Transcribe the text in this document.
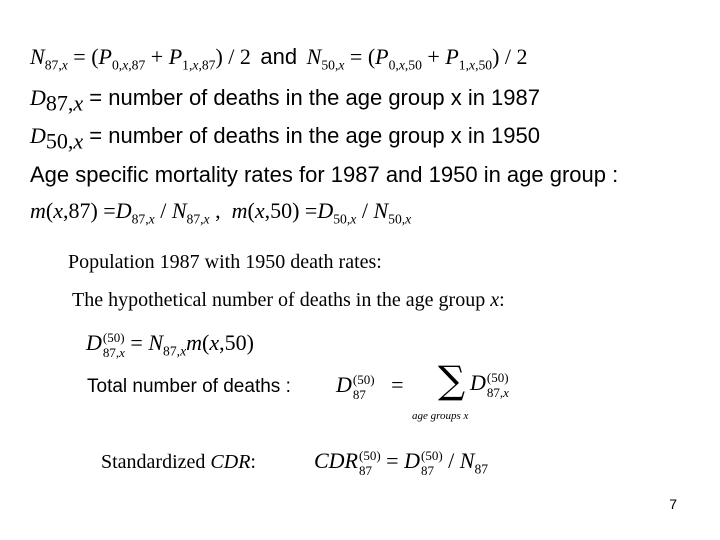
$N_{87,x} = (P_{0,x,87} + P_{1,x,87}) / 2$ and $N_{50,x} = (P_{0,x,50} + P_{1,x,50}) / 2$
$D_{87,x}$ = number of deaths in the age group x in 1987
$D_{50,x}$ = number of deaths in the age group x in 1950
Age specific mortality rates for 1987 and 1950 in age group :
$m(x,87) =D_{87,x} / N_{87,x}$ ,  $m(x,50) =D_{50,x} / N_{50,x}$
Population 1987 with 1950 death rates:
The hypothetical number of deaths in the age group x:
D (50)
$87,x = N_{87,x}m(x,50)$
Total number of deaths : D (50)
87 = ∑ D (50)
87,x
age groups x
Standardized CDR:	CDR (50)
87 = D (50)
$87 / N_{87}$
7
